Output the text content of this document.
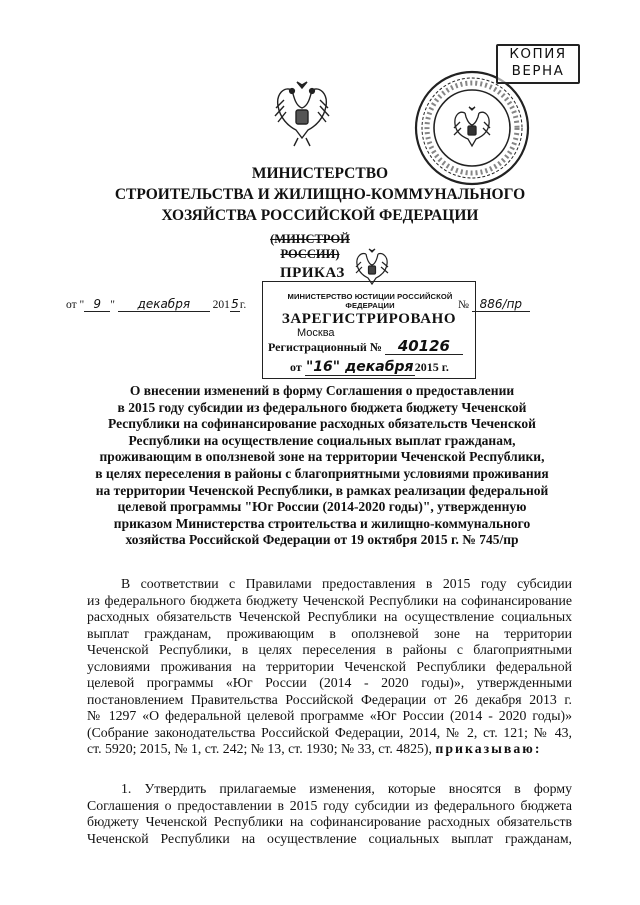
МИНИСТЕРСТВО
СТРОИТЕЛЬСТВА И ЖИЛИЩНО-КОММУНАЛЬНОГО
ХОЗЯЙСТВА РОССИЙСКОЙ ФЕДЕРАЦИИ
(МИНСТРОЙ РОССИИ)
от " 9 " декабря 2015г.	№ 886/пр
ПРИКАЗ
МИНИСТЕРСТВО ЮСТИЦИИ РОССИЙСКОЙ ФЕДЕРАЦИИ
ЗАРЕГИСТРИРОВАНО
Москва
Регистрационный № 40126
от "16" декабря2015 г.
КОПИЯ
ВЕРНА
О внесении изменений в форму Соглашения о предоставлении
в 2015 году субсидии из федерального бюджета бюджету Чеченской
Республики на софинансирование расходных обязательств Чеченской
Республики на осуществление социальных выплат гражданам,
проживающим в оползневой зоне на территории Чеченской Республики,
в целях переселения в районы с благоприятными условиями проживания
на территории Чеченской Республики, в рамках реализации федеральной
целевой программы "Юг России (2014-2020 годы)", утвержденную
приказом Министерства строительства и жилищно-коммунального
хозяйства Российской Федерации от 19 октября 2015 г. № 745/пр
В соответствии с Правилами предоставления в 2015 году субсидии
из федерального бюджета бюджету Чеченской Республики на софинансирование
расходных обязательств Чеченской Республики на осуществление социальных
выплат гражданам, проживающим в оползневой зоне на территории
Чеченской Республики, в целях переселения в районы с благоприятными
условиями проживания на территории Чеченской Республики федеральной
целевой программы «Юг России (2014 - 2020 годы)», утвержденными
постановлением Правительства Российской Федерации от 26 декабря 2013 г.
№ 1297 «О федеральной целевой программе «Юг России (2014 - 2020 годы)»
(Собрание законодательства Российской Федерации, 2014, № 2, ст. 121; № 43,
ст. 5920; 2015, № 1, ст. 242; № 13, ст. 1930; № 33, ст. 4825), приказываю:
1. Утвердить прилагаемые изменения, которые вносятся в форму
Соглашения о предоставлении в 2015 году субсидии из федерального бюджета
бюджету Чеченской Республики на софинансирование расходных обязательств
Чеченской Республики на осуществление социальных выплат гражданам,
